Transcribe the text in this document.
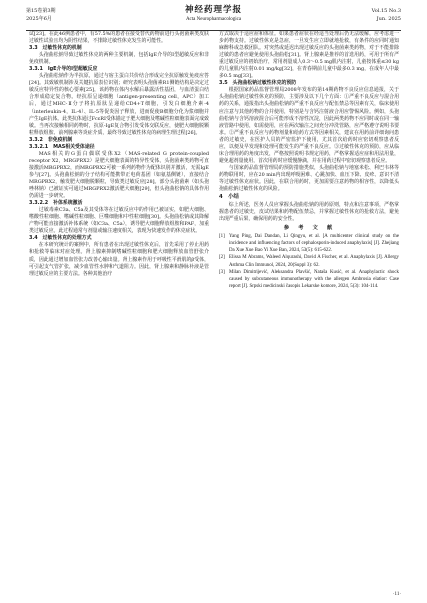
第15卷第3期
2025年6月
神经药理学报
Acta Neuropharmacologica
Vol.15 No.3
Jun. 2025
试[23]。在此46例患者中，有57.5%的患者在接受替代药物前进行头孢菌素类皮肤过敏性试验且均为阴性结果，不排除过敏性休克发生的可能性。
3.3　过敏性休克的机制
头孢曲松钠导致过敏性休克的两种主要机制，包括IgE介导的Ⅰ型超敏反应和非免疫机制。
3.3.1　IgE介导的Ⅰ型超敏反应
头孢曲松钠作为半抗原，通过与宿主蛋白共价结合形成完全抗原触发免疫应答[24]。其致敏机制涉及关键抗原表位识别；研究表明头孢菌素R1侧链结构是决定过敏反应特异性的核心要素[25]，该药物在体内水解后暴露活性基团，与血清蛋白结合形成稳定复合物。经抗原呈递细胞（antigen-presenting cell，APC）加工后，通过MHC-Ⅱ分子将抗原肽呈递给CD4+T细胞，引发白细胞介素-4（interleukin-4，IL-4）、IL-5等促炎因子释放，进而促使B细胞分化为浆细胞并产生IgE抗体。此类抗体通过FcεRⅠ受体锚定于肥大细胞及嗜碱性粒细胞表面完成致敏。当再次接触相同药物时，抗原-IgE复合物引发受体交联反应，使肥大细胞脱颗粒释放组胺、前列腺素等炎症介质，最终导致过敏性休克的病理生理过程[26]。
3.3.2　非免疫机制
3.3.2.1　MAS相关受体途径
MAS相关的G蛋白偶联受体X2（MAS-related G protein-coupled receptor X2，MRGPRX2）是肥大细胞表面的特异性受体，头孢菌素类药物可直接激活MRGPRX2，而MRGPRX2可被一系列药物作为配体识别并激活，无需IgE参与[27]。头孢曲松钠的分子结构可能携带正电荷基团（如氨基侧链），直接结合MRGPRX2，触发肥大细胞脱颗粒，导致类过敏反应[28]。部分头孢菌素（如头孢唑林钠）已被证实可通过MRGPRX2激活肥大细胞[29]，但头孢曲松钠的具体作用仍需进一步研究。
3.3.2.2　补体系统激活
过敏毒素C3a、C5a及其受体等在过敏反应中的作用已被证实，如肥大细胞、嗜酸性粒细胞、嗜碱性粒细胞、巨噬细胞和中性粒细胞[30]。头孢曲松钠或其降解产物可能直接激活补体系统（如C3a、C5a），诱导肥大细胞释放组胺和PAF，加重类过敏反应。此过程通常与剂量或输注速度相关，表现为快速发作的休克症状。
3.4　过敏性休克的处理方式
在本研究统计的案例中，所有患者在出现过敏性休克后，首先采用了停止用药和抢救等临床对症处理。肾上腺素抑制嗜碱性粒细胞和肥大细胞释放血管舒张介质，因此通过增加血管张力改善心输出量。肾上腺素作用于呼吸性平滑肌的β受体，可引起支气管扩张，减少血管性水肿和气道阻力。因此，肾上腺素和静脉补液是管理过敏反应的主要方法。各种其他治疗
方式取决于适应症和体征。如果患者症状在经适当处理后仍无法缓解，应考虑进一步药物支持。过敏性休克是急症，一旦发生应立即就地抢救，有条件的应同时通知麻醉科或急救团队。对突然或延迟出现过敏反应的头孢菌素类药物，对于不能排除过敏的患者应避免使用头孢曲松[31]。肾上腺素是推荐的首选用药，可用于所有严重过敏反应的初始治疗，常用剂量成人0.3～0.5 mg肌内注射，儿童按体重≤30 kg的儿童肌内注射0.01 mg/kg[32]，在青春期前儿童中最多0.3 mg，在成年人中最多0.5 mg[33]。
3.5　头孢曲松钠过敏性休克的预防
根据国家药品监督管理局2008年发布的第14期药物不良反应信息通报，关于头孢曲松钠过敏性休克的预防，主要涉及以下几个方面：①严重不良反应与混合用药的关系，通报指出头孢曲松钠的严重不良反应与配伍禁忌等因素有关，临床使用应注意与其他药物的合并使用，特别是与含钙注射液合用应警惕风险。例如，头孢曲松钠与含钙溶液混合后可能形成不溶性沉淀，因此两类药物不应同时或在同一输液管路中使用，如需使用，应在两次输注之间充分冲洗管路，应严格遵守说明书要求。②严重不良反应与药物剂量和给药方式等因素相关，建议在用药前详细询问患者的过敏史，在医护人员的严密监护下使用，尤其首次给药时应密切观察患者反应，以便及早发现和处理可能发生的严重不良反应。③过敏性休克的预防，应从临床合理用药的角度出发，严格按照说明书规定用药，严格掌握适应症和用法用量，避免超剂量使用，首次用药时应缓慢静滴，并在用药过程中密切观察患者反应。
与国家药品监督管理局的预防措施类似，头孢曲松钠与地塞米松、利巴韦林等药物联用时，应在20 min内出现呼吸困难、心跳加快、血压下降、皮疹、意识不清等过敏性休克症状。因此，在联合用药时，更加需要注意药物的相容性，以降低头孢曲松钠过敏性休克的风险。
4　小结
综上所述，医务人员应掌握头孢曲松钠的用药原则，特点和注意事项，严格掌握患者的过敏史，皮试结果和药物配伍禁忌，并掌握过敏性休克的抢救方法，避免出现严重后果，确保用药的安全性。
参　考　文　献
[1] Yang Ping, Dai Dandan, Li Qingyu, et al. [A multicenter clinical study on the incidence and influencing factors of cephalosporin-induced anaphylaxis] [J]. Zhejiang Da Xue Xue Bao Yi Xue Ban, 2024, 53(5): 615-622.
[2] Elissa M Abrams, Waleed Alqurashi, David A Fischer, et al. Anaphylaxis [J]. Allergy Asthma Clin Immunol, 2024, 20(Suppl 3): 62.
[3] Milan Dimitrijević, Aleksandra Plavšić, Nataša Kusić, et al. Anaphylactic shock caused by subcutaneous immunotherapy with the allergen Ambrosia elatior: Case report [J]. Srpski medicinski časopis Lekarske komore, 2024, 5(3): 104-114.
·11·
